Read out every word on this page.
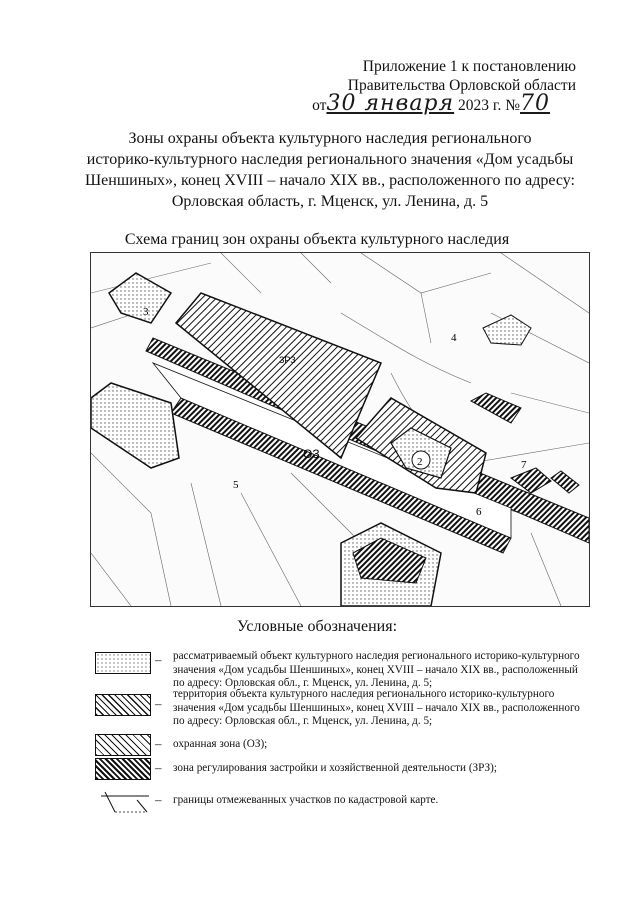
Приложение 1 к постановлению
Правительства Орловской области
от30 января 2023 г. №70
Зоны охраны объекта культурного наследия регионального
историко-культурного наследия регионального значения «Дом усадьбы
Шеншиных», конец XVIII – начало XIX вв., расположенного по адресу:
Орловская область, г. Мценск, ул. Ленина, д. 5
Схема границ зон охраны объекта культурного наследия
ЗРЗ
ОЗ
2
3
4
5
6
7
Условные обозначения:
– рассматриваемый объект культурного наследия регионального историко-культурного
значения «Дом усадьбы Шеншиных», конец XVIII – начало XIX вв., расположенный
по адресу: Орловская обл., г. Мценск, ул. Ленина, д. 5;
–
территория объекта культурного наследия регионального историко-культурного
значения «Дом усадьбы Шеншиных», конец XVIII – начало XIX вв., расположенного
по адресу: Орловская обл., г. Мценск, ул. Ленина, д. 5;
– охранная зона (ОЗ);
– зона регулирования застройки и хозяйственной деятельности (ЗРЗ);
– границы отмежеванных участков по кадастровой карте.
